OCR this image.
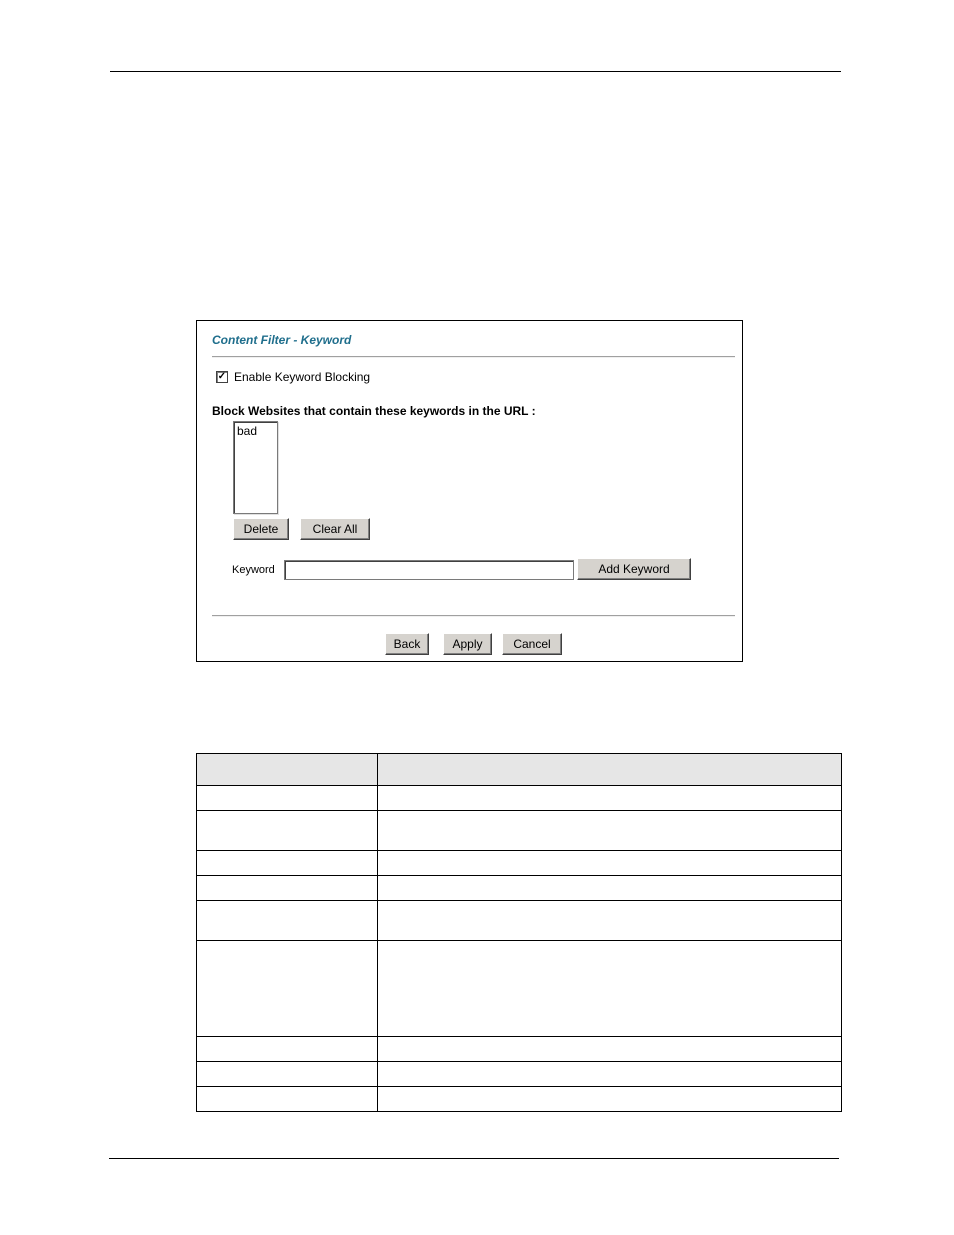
Content Filter - Keyword
✓ Enable Keyword Blocking
Block Websites that contain these keywords in the URL :
bad
Delete	Clear All
Keyword	Add Keyword
Back	Apply	Cancel
